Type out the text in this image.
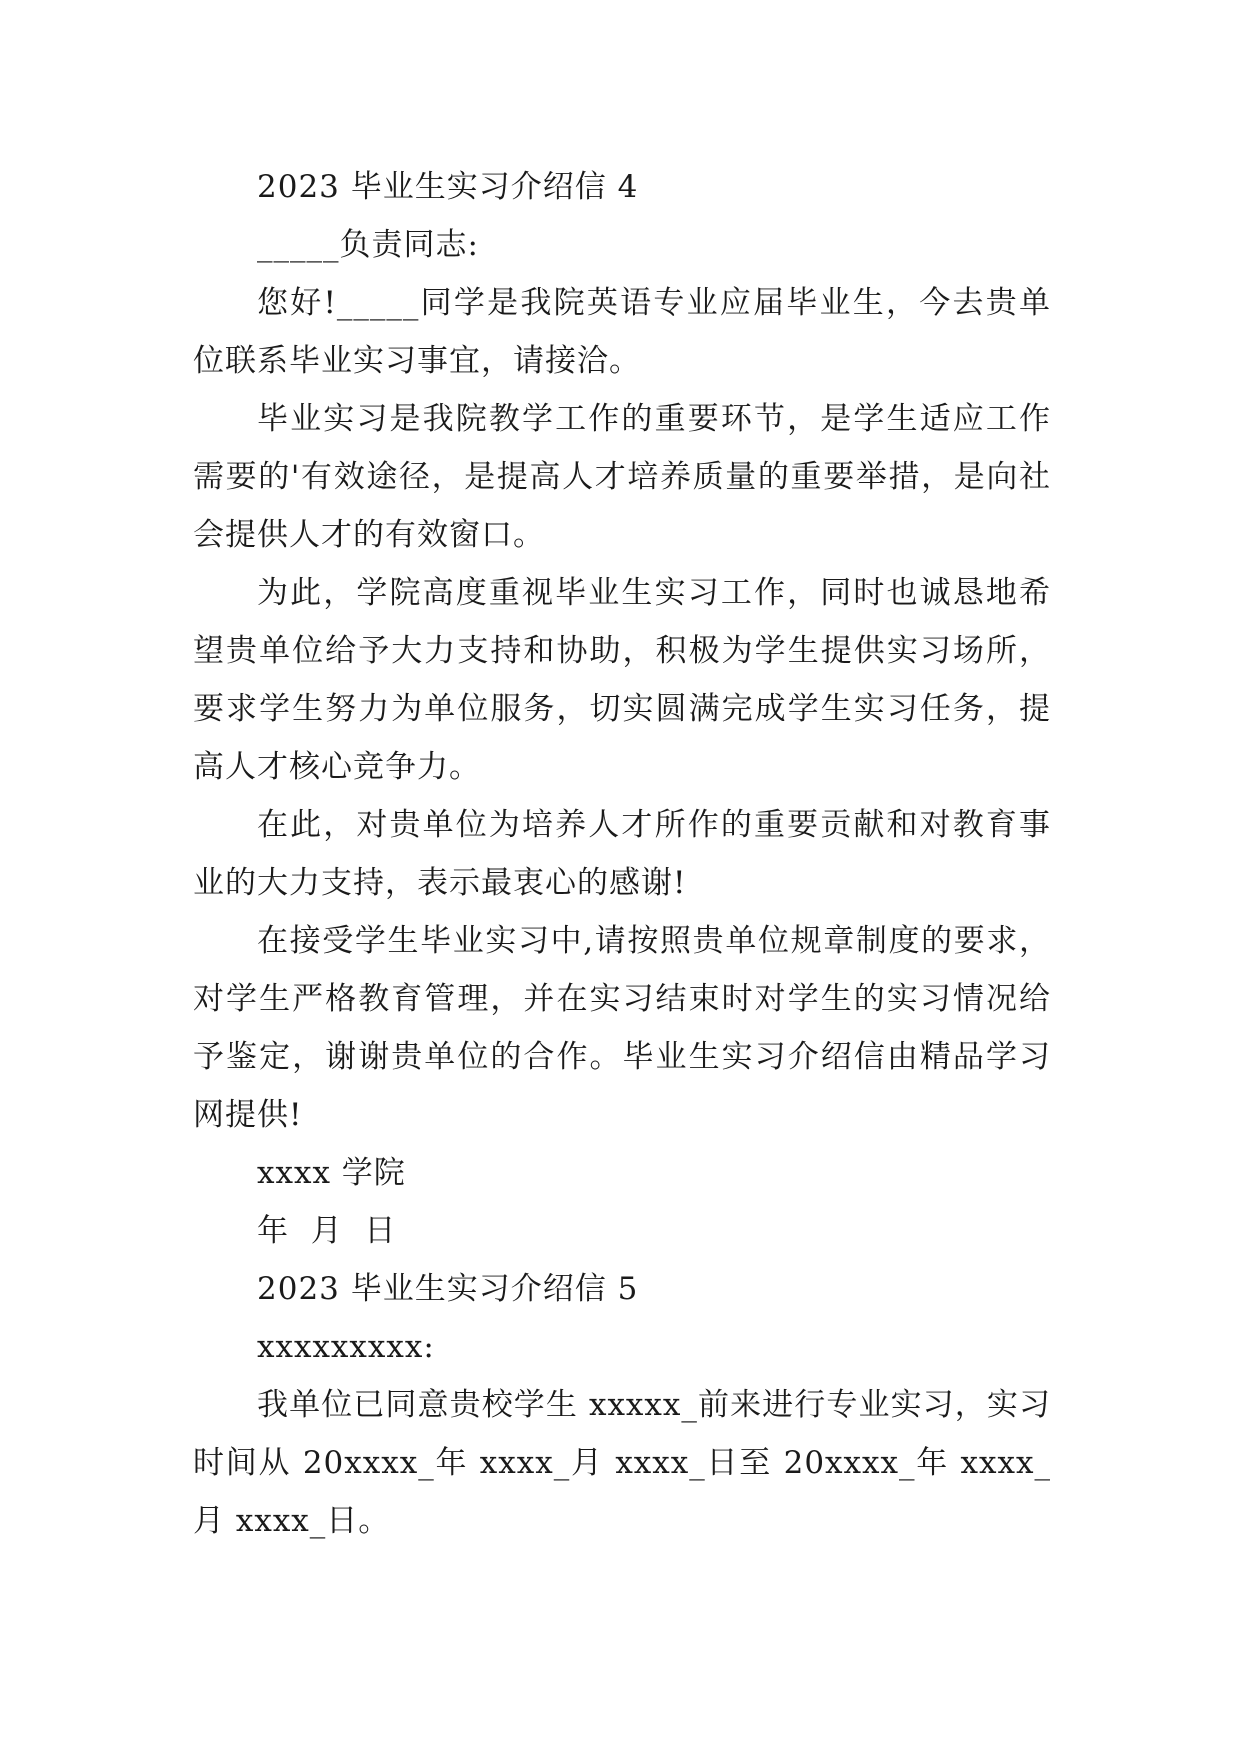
2023 毕业生实习介绍信 4

_____负责同志:

您好!_____同学是我院英语专业应届毕业生，今去贵单位联系毕业实习事宜，请接洽。

毕业实习是我院教学工作的重要环节，是学生适应工作需要的'有效途径，是提高人才培养质量的重要举措，是向社会提供人才的有效窗口。

为此，学院高度重视毕业生实习工作，同时也诚恳地希望贵单位给予大力支持和协助，积极为学生提供实习场所，要求学生努力为单位服务，切实圆满完成学生实习任务，提高人才核心竞争力。

在此，对贵单位为培养人才所作的重要贡献和对教育事业的大力支持，表示最衷心的感谢!

在接受学生毕业实习中,请按照贵单位规章制度的要求，对学生严格教育管理，并在实习结束时对学生的实习情况给予鉴定，谢谢贵单位的合作。毕业生实习介绍信由精品学习网提供!

xxxx 学院

年  月  日

2023 毕业生实习介绍信 5

xxxxxxxxx:

我单位已同意贵校学生 xxxxx_前来进行专业实习，实习时间从 20xxxx_年 xxxx_月 xxxx_日至 20xxxx_年 xxxx_月 xxxx_日。
